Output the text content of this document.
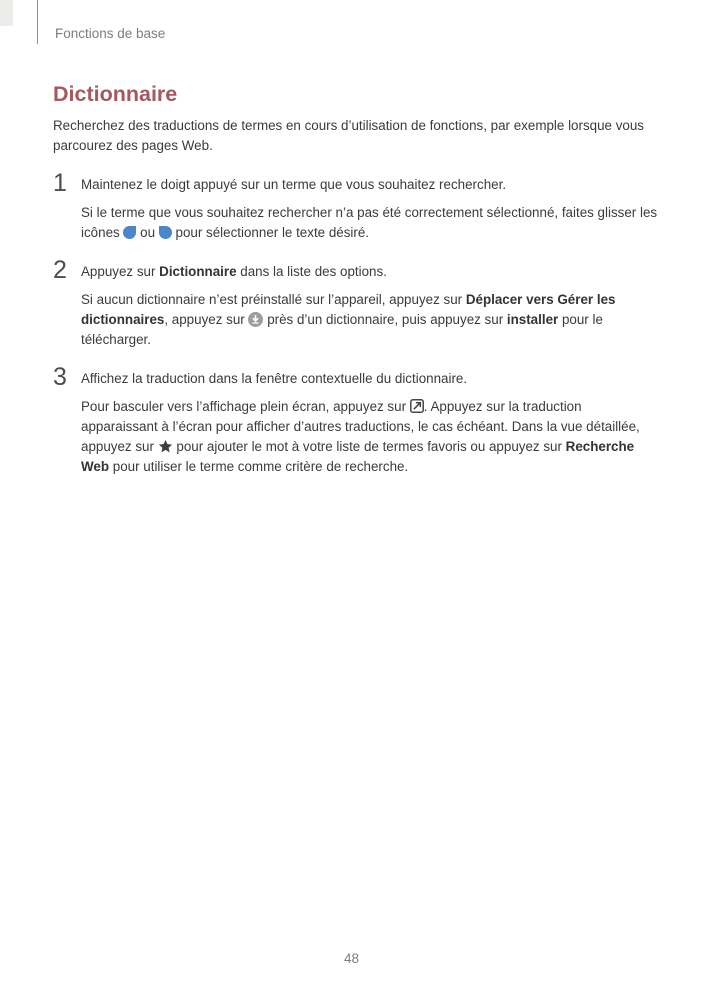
Fonctions de base
Dictionnaire

Recherchez des traductions de termes en cours d’utilisation de fonctions, par exemple lorsque vous
parcourez des pages Web.

1	Maintenez le doigt appuyé sur un terme que vous souhaitez rechercher.

Si le terme que vous souhaitez rechercher n’a pas été correctement sélectionné, faites glisser les
icônes  ou  pour sélectionner le texte désiré.

2	Appuyez sur Dictionnaire dans la liste des options.

Si aucun dictionnaire n’est préinstallé sur l’appareil, appuyez sur Déplacer vers Gérer les
dictionnaires, appuyez sur  près d’un dictionnaire, puis appuyez sur installer pour le
télécharger.

3	Affichez la traduction dans la fenêtre contextuelle du dictionnaire.

Pour basculer vers l’affichage plein écran, appuyez sur . Appuyez sur la traduction
apparaissant à l’écran pour afficher d’autres traductions, le cas échéant. Dans la vue détaillée,
appuyez sur  pour ajouter le mot à votre liste de termes favoris ou appuyez sur Recherche
Web pour utiliser le terme comme critère de recherche.

48
